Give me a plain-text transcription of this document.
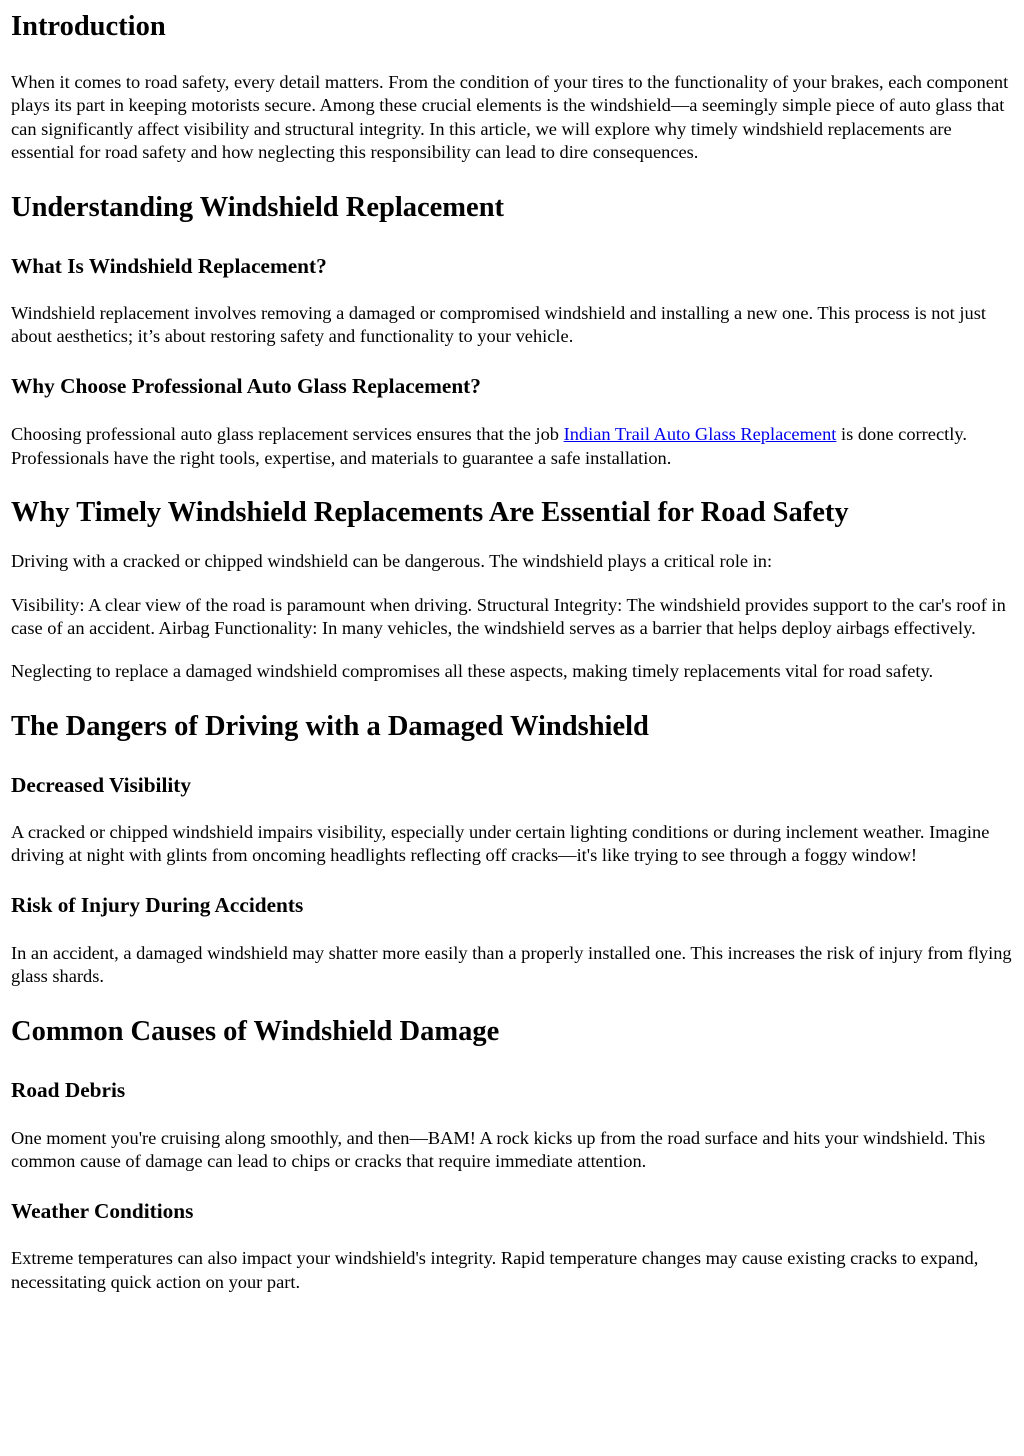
Introduction

When it comes to road safety, every detail matters. From the condition of your tires to the functionality of your brakes, each component plays its part in keeping motorists secure. Among these crucial elements is the windshield—a seemingly simple piece of auto glass that can significantly affect visibility and structural integrity. In this article, we will explore why timely windshield replacements are essential for road safety and how neglecting this responsibility can lead to dire consequences.

Understanding Windshield Replacement
What Is Windshield Replacement?

Windshield replacement involves removing a damaged or compromised windshield and installing a new one. This process is not just about aesthetics; it’s about restoring safety and functionality to your vehicle.

Why Choose Professional Auto Glass Replacement?

Choosing professional auto glass replacement services ensures that the job Indian Trail Auto Glass Replacement is done correctly. Professionals have the right tools, expertise, and materials to guarantee a safe installation.

Why Timely Windshield Replacements Are Essential for Road Safety

Driving with a cracked or chipped windshield can be dangerous. The windshield plays a critical role in:

Visibility: A clear view of the road is paramount when driving. Structural Integrity: The windshield provides support to the car's roof in case of an accident. Airbag Functionality: In many vehicles, the windshield serves as a barrier that helps deploy airbags effectively.

Neglecting to replace a damaged windshield compromises all these aspects, making timely replacements vital for road safety.

The Dangers of Driving with a Damaged Windshield
Decreased Visibility

A cracked or chipped windshield impairs visibility, especially under certain lighting conditions or during inclement weather. Imagine driving at night with glints from oncoming headlights reflecting off cracks—it's like trying to see through a foggy window!

Risk of Injury During Accidents

In an accident, a damaged windshield may shatter more easily than a properly installed one. This increases the risk of injury from flying glass shards.

Common Causes of Windshield Damage
Road Debris

One moment you're cruising along smoothly, and then—BAM! A rock kicks up from the road surface and hits your windshield. This common cause of damage can lead to chips or cracks that require immediate attention.

Weather Conditions

Extreme temperatures can also impact your windshield's integrity. Rapid temperature changes may cause existing cracks to expand, necessitating quick action on your part.
